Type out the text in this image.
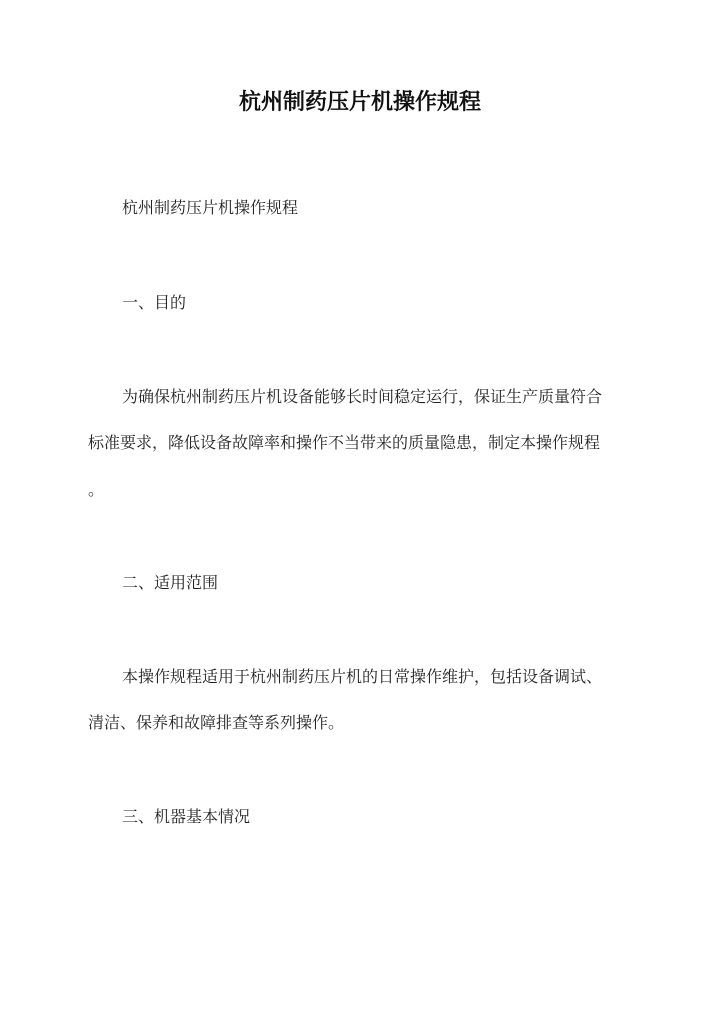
杭州制药压片机操作规程
杭州制药压片机操作规程
一、目的
为确保杭州制药压片机设备能够长时间稳定运行，保证生产质量符合
标准要求，降低设备故障率和操作不当带来的质量隐患，制定本操作规程
。
二、适用范围
本操作规程适用于杭州制药压片机的日常操作维护，包括设备调试、
清洁、保养和故障排查等系列操作。
三、机器基本情况
